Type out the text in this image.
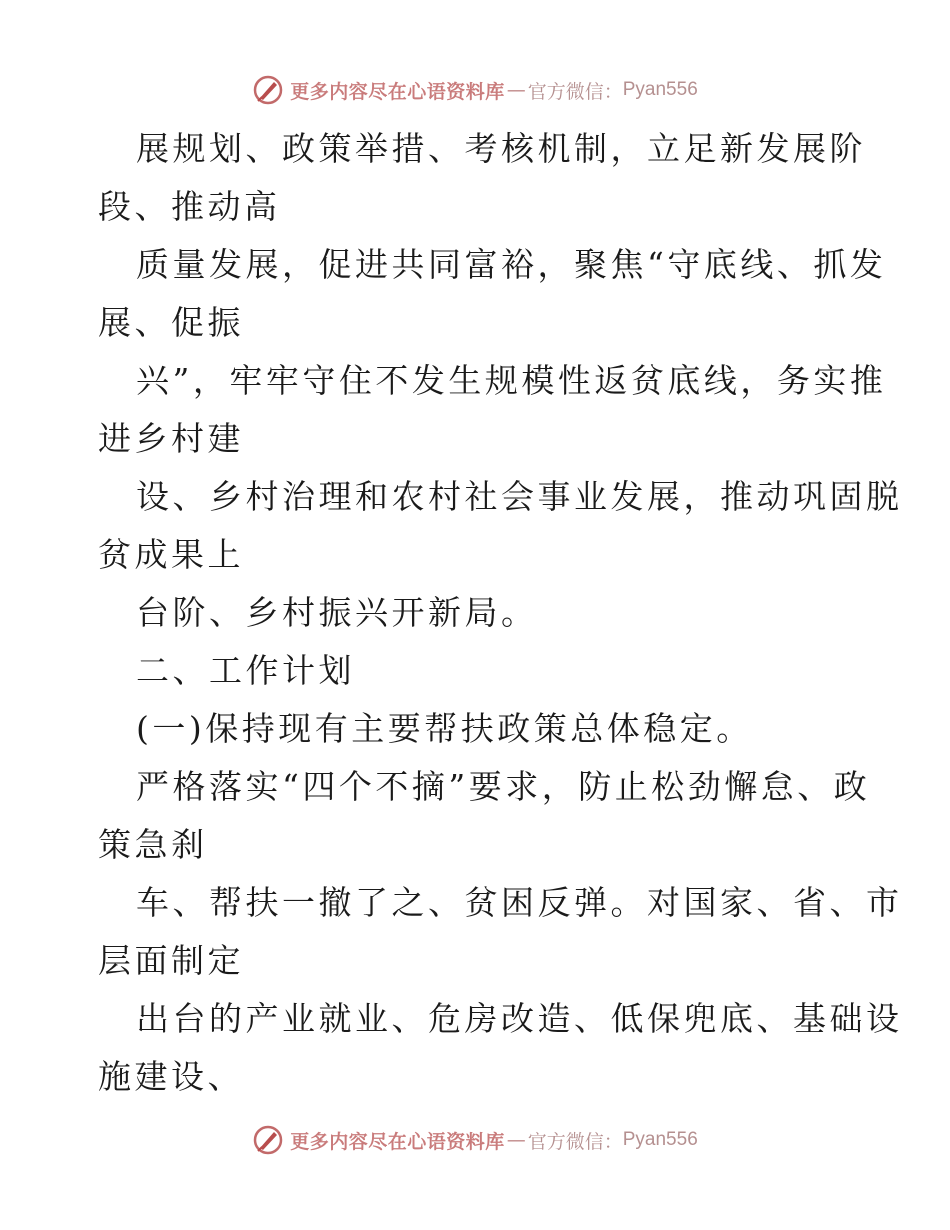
更多内容尽在心语资料库 — 官方微信： Pyan556

展规划、政策举措、考核机制，立足新发展阶
段、推动高

质量发展，促进共同富裕，聚焦“守底线、抓发
展、促振

兴”，牢牢守住不发生规模性返贫底线，务实推
进乡村建

设、乡村治理和农村社会事业发展，推动巩固脱
贫成果上

台阶、乡村振兴开新局。

二、工作计划

(一)保持现有主要帮扶政策总体稳定。

严格落实“四个不摘”要求，防止松劲懈怠、政
策急刹

车、帮扶一撤了之、贫困反弹。对国家、省、市
层面制定

出台的产业就业、危房改造、低保兜底、基础设
施建设、

更多内容尽在心语资料库 — 官方微信： Pyan556
